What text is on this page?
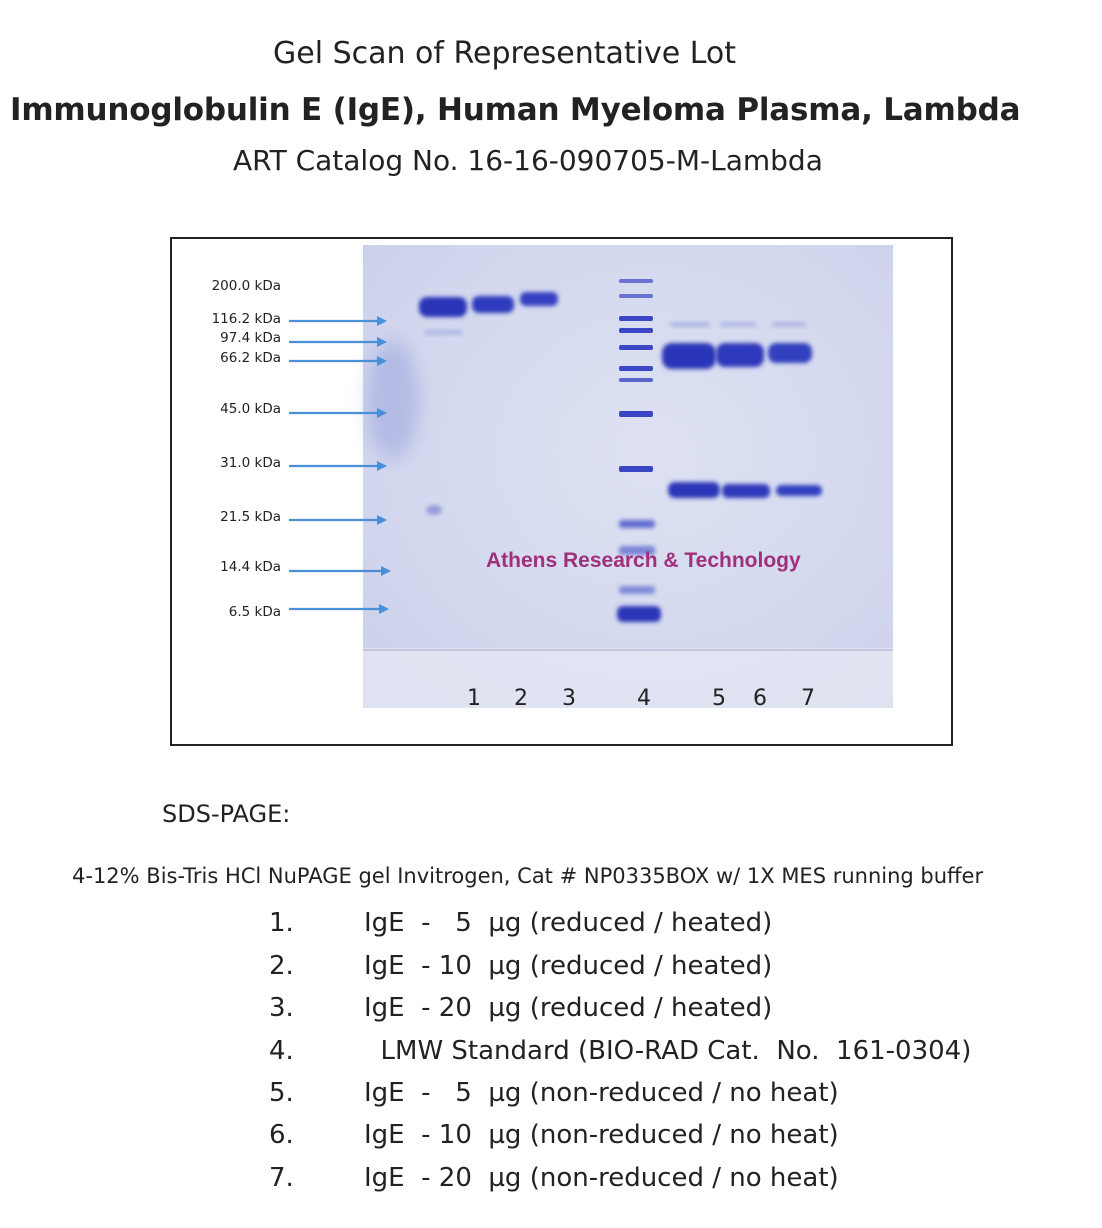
Gel Scan of Representative Lot
Immunoglobulin E (IgE), Human Myeloma Plasma, Lambda
ART Catalog No. 16-16-090705-M-Lambda
200.0 kDa
116.2 kDa
97.4 kDa
66.2 kDa
45.0 kDa
31.0 kDa
21.5 kDa
14.4 kDa
6.5 kDa
Athens Research & Technology
1 2 3	4	5 6 7
SDS-PAGE:
4-12% Bis-Tris HCl NuPAGE gel Invitrogen, Cat # NP0335BOX w/ 1X MES running buffer
1.	IgE  -   5  µg (reduced / heated)
2.	IgE  - 10  µg (reduced / heated)
3.	IgE  - 20  µg (reduced / heated)
4.	LMW Standard (BIO-RAD Cat.  No.  161-0304)
5.	IgE  -   5  µg (non-reduced / no heat)
6.	IgE  - 10  µg (non-reduced / no heat)
7.	IgE  - 20  µg (non-reduced / no heat)
